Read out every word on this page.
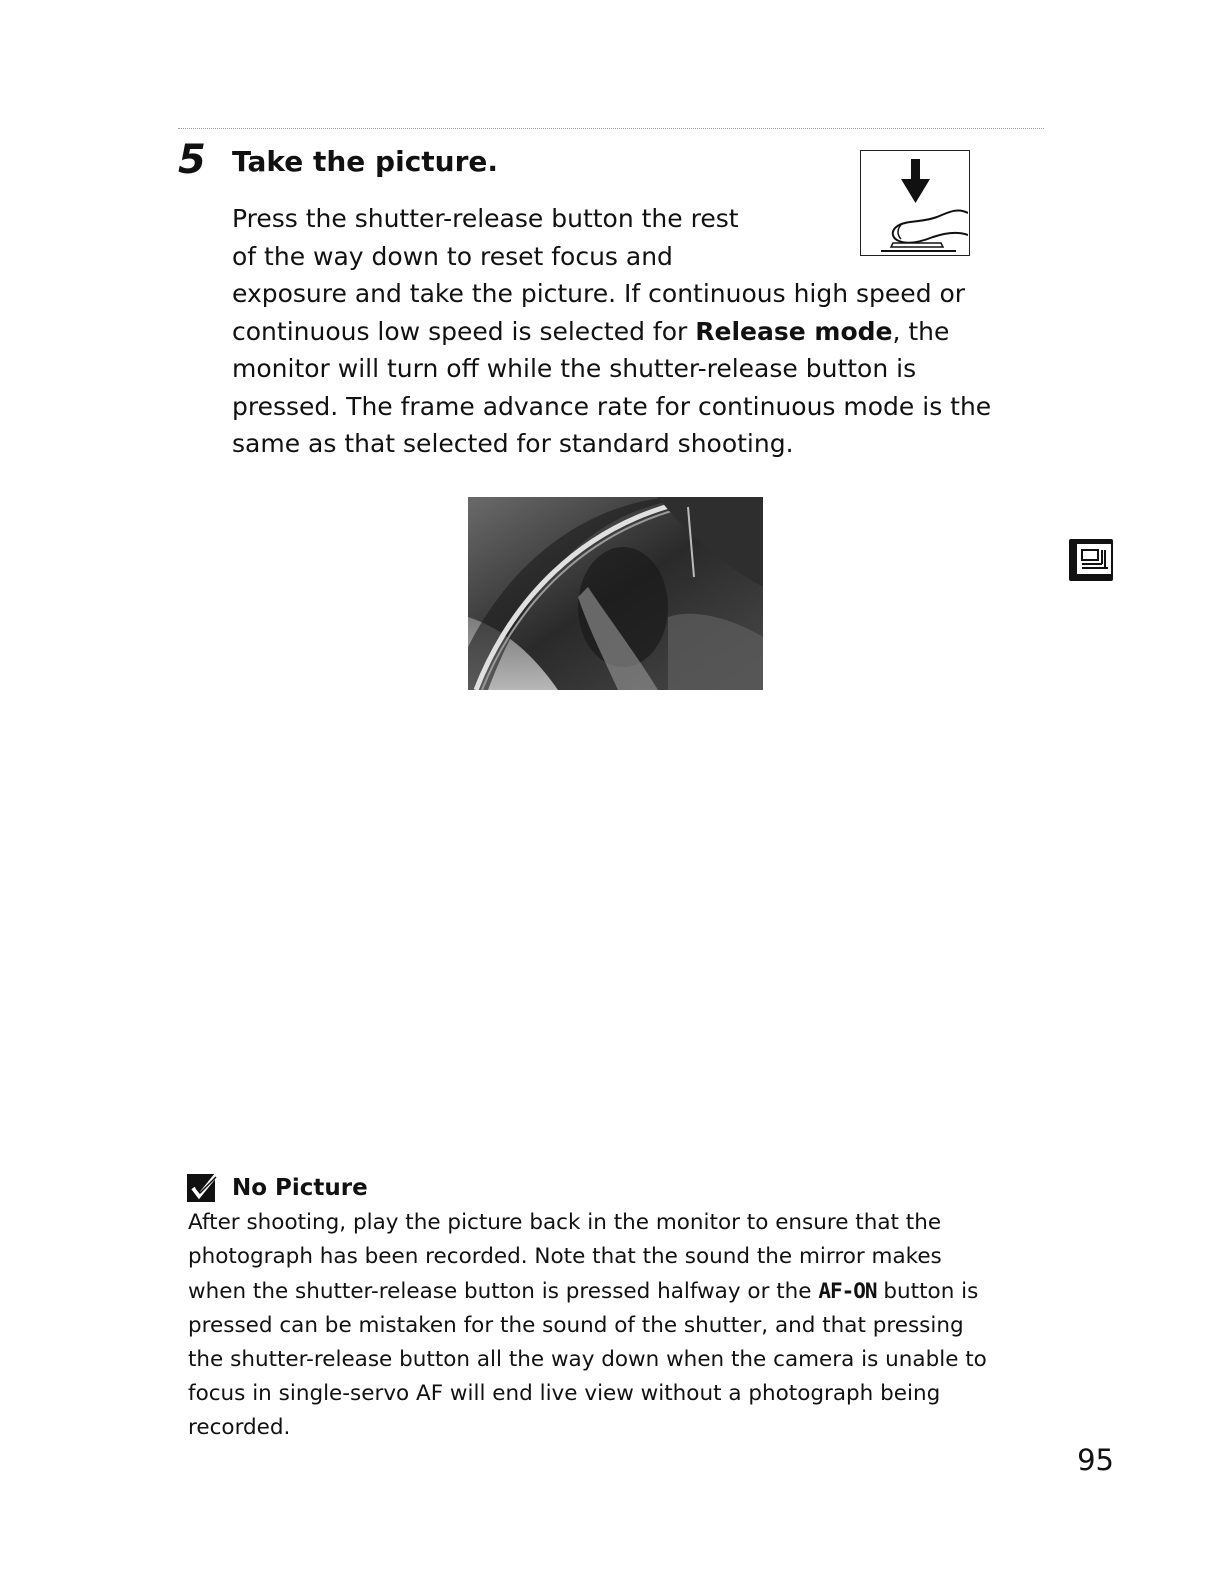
5 Take the picture.
Press the shutter-release button the rest
of the way down to reset focus and
exposure and take the picture. If continuous high speed or
continuous low speed is selected for Release mode, the
monitor will turn off while the shutter-release button is
pressed. The frame advance rate for continuous mode is the
same as that selected for standard shooting.
No Picture
After shooting, play the picture back in the monitor to ensure that the
photograph has been recorded. Note that the sound the mirror makes
when the shutter-release button is pressed halfway or the AF-ON button is
pressed can be mistaken for the sound of the shutter, and that pressing
the shutter-release button all the way down when the camera is unable to
focus in single-servo AF will end live view without a photograph being
recorded.
95
